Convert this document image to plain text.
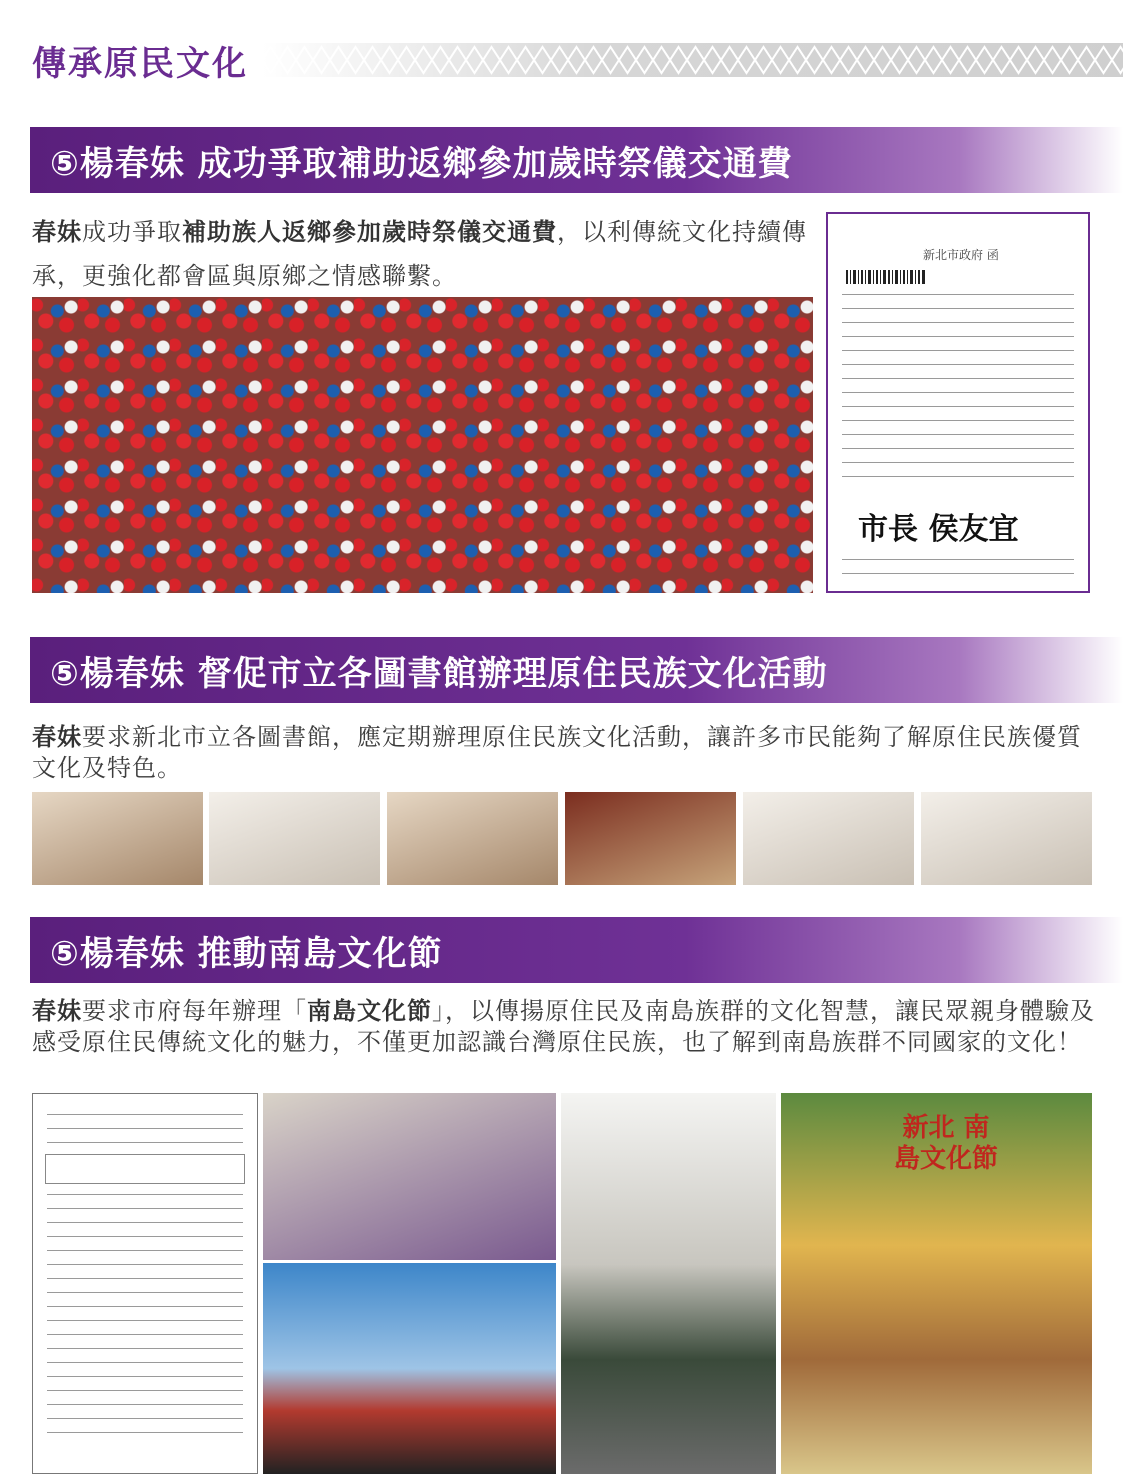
傳承原民文化
⑤楊春妹 成功爭取補助返鄉參加歲時祭儀交通費
春妹成功爭取補助族人返鄉參加歲時祭儀交通費，以利傳統文化持續傳承，更強化都會區與原鄉之情感聯繫。
新北市政府 函
市長 侯友宜
⑤楊春妹 督促市立各圖書館辦理原住民族文化活動
春妹要求新北市立各圖書館，應定期辦理原住民族文化活動，讓許多市民能夠了解原住民族優質文化及特色。
⑤楊春妹 推動南島文化節
春妹要求市府每年辦理「南島文化節」，以傳揚原住民及南島族群的文化智慧，讓民眾親身體驗及感受原住民傳統文化的魅力，不僅更加認識台灣原住民族，也了解到南島族群不同國家的文化！
新北 南島文化節
